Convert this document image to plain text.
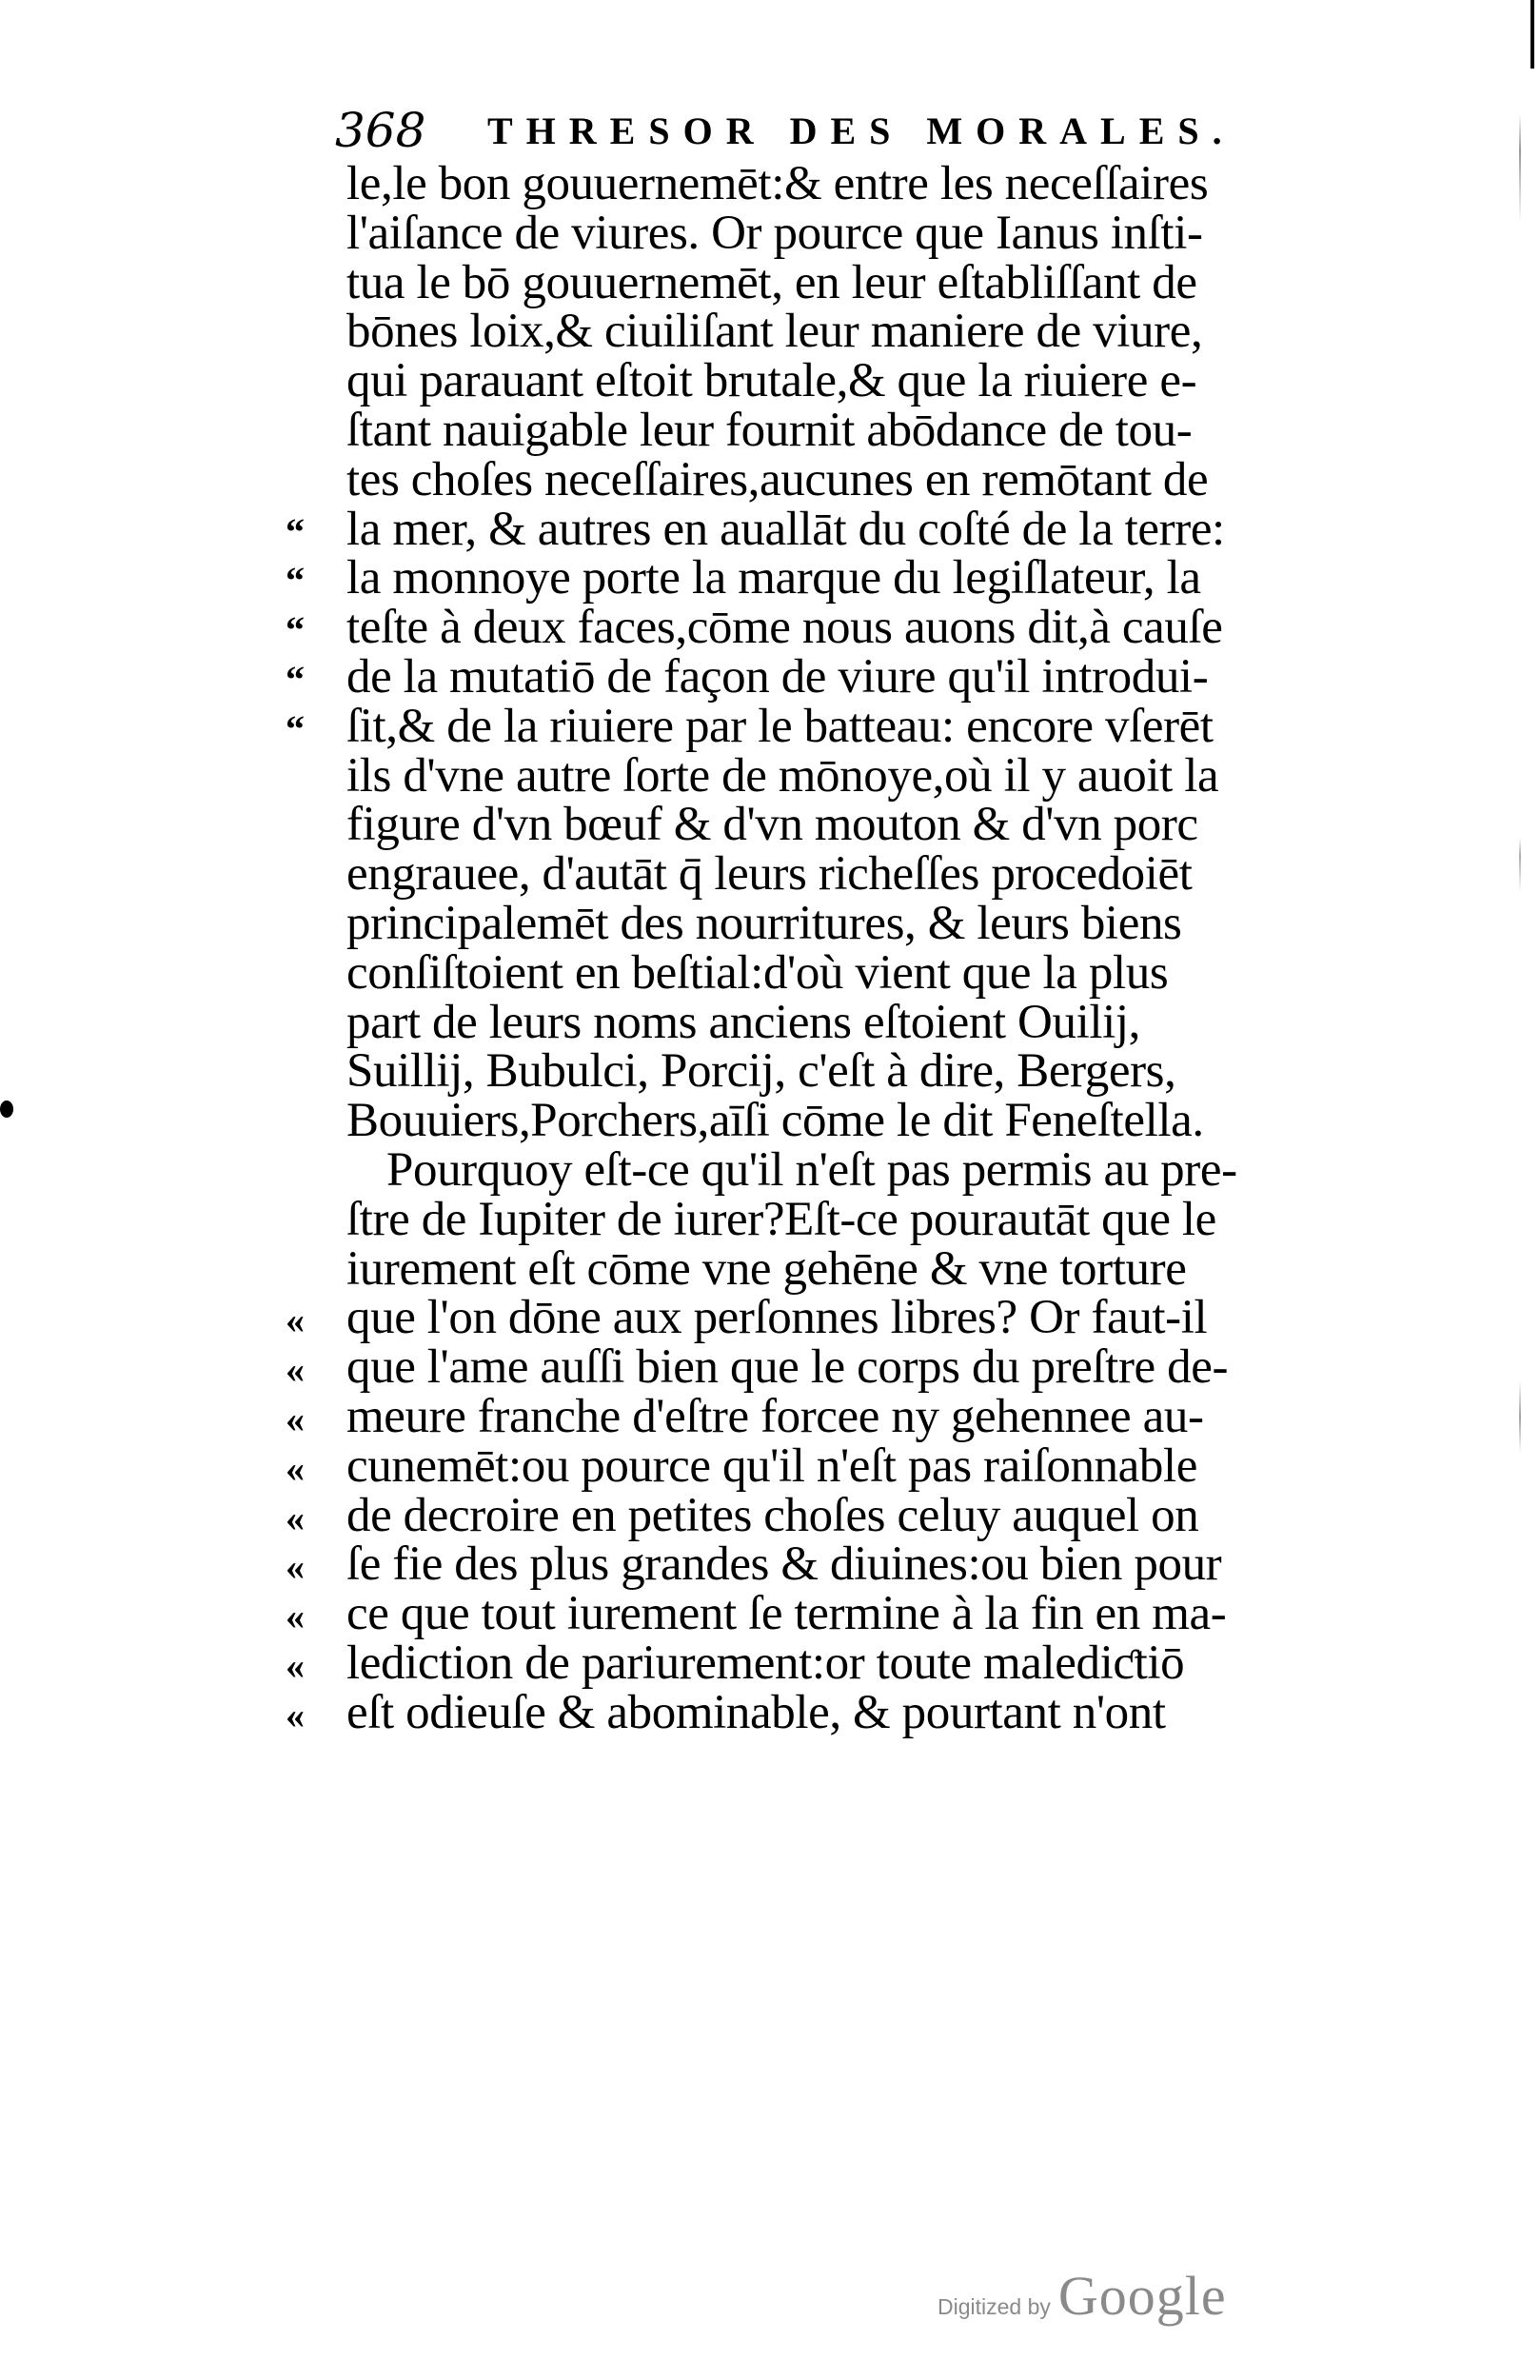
368	THRESOR DES MORALES.
le,le bon gouuernemēt:& entre les neceſſaires
l'aiſance de viures. Or pource que Ianus inſti-
tua le bō gouuernemēt, en leur eſtabliſſant de
bōnes loix,& ciuiliſant leur maniere de viure,
qui parauant eſtoit brutale,& que la riuiere e-
ſtant nauigable leur fournit abōdance de tou-
tes choſes neceſſaires,aucunes en remōtant de
“ la mer, & autres en auallāt du coſté de la terre:
“ la monnoye porte la marque du legiſlateur, la
“ teſte à deux faces,cōme nous auons dit,à cauſe
“ de la mutatiō de façon de viure qu'il introdui-
“ ſit,& de la riuiere par le batteau: encore vſerēt
ils d'vne autre ſorte de mōnoye,où il y auoit la
figure d'vn bœuf & d'vn mouton & d'vn porc
engrauee, d'autāt q̄ leurs richeſſes procedoiēt
principalemēt des nourritures, & leurs biens
conſiſtoient en beſtial:d'où vient que la plus
part de leurs noms anciens eſtoient Ouilij,
Suillij, Bubulci, Porcij, c'eſt à dire, Bergers,
Bouuiers,Porchers,aīſi cōme le dit Feneſtella.
Pourquoy eſt-ce qu'il n'eſt pas permis au pre-
ſtre de Iupiter de iurer?Eſt-ce pourautāt que le
iurement eſt cōme vne gehēne & vne torture
« que l'on dōne aux perſonnes libres? Or faut-il
« que l'ame auſſi bien que le corps du preſtre de-
« meure franche d'eſtre forcee ny gehennee au-
« cunemēt:ou pource qu'il n'eſt pas raiſonnable
« de decroire en petites choſes celuy auquel on
« ſe fie des plus grandes & diuines:ou bien pour
« ce que tout iurement ſe termine à la fin en ma-
« lediction de pariurement:or toute malediƈtiō
« eſt odieuſe & abominable, & pourtant n'ont
Digitized by Google
